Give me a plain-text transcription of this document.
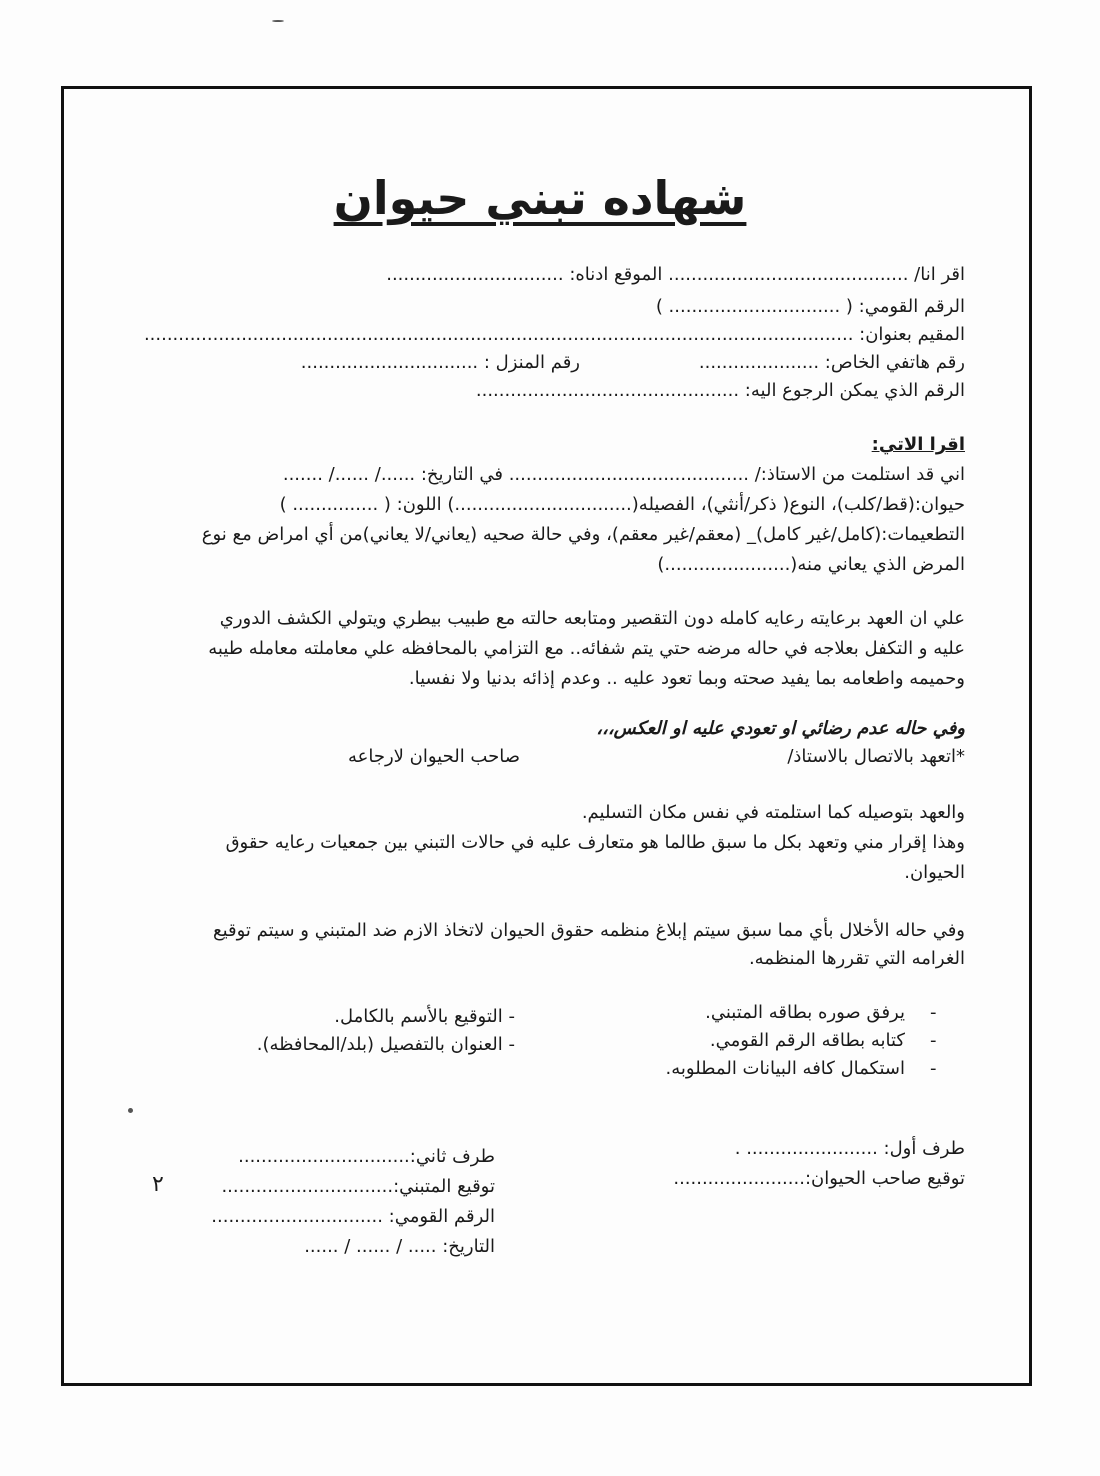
شهاده تبني حيوان

اقر انا/ .......................................... الموقع ادناه: ...............................

الرقم القومي: ( .............................. )

المقيم بعنوان: ............................................................................................................................

رقم هاتفي الخاص: .....................

رقم المنزل : ...............................

الرقم الذي يمكن الرجوع اليه: ..............................................

اقرا الاتي:

اني قد استلمت من الاستاذ:/ .......................................... في التاريخ: ....../ ....../ .......

حيوان:(قط/كلب)، النوع( ذكر/أنثي)، الفصيله(...............................) اللون: ( ............... )

التطعيمات:(كامل/غير كامل)_ (معقم/غير معقم)، وفي حالة صحيه (يعاني/لا يعاني)من أي امراض مع نوع

المرض الذي يعاني منه(......................)

علي ان العهد برعايته رعايه كامله دون التقصير ومتابعه حالته مع طبيب بيطري ويتولي الكشف الدوري

عليه و التكفل بعلاجه في حاله مرضه حتي يتم شفائه.. مع التزامي بالمحافظه علي معاملته معامله طيبه

وحميمه واطعامه بما يفيد صحته وبما تعود عليه .. وعدم إذائه بدنيا ولا نفسيا.

وفي حاله عدم رضائي او تعودي عليه او العكس،،،

*اتعهد بالاتصال بالاستاذ/

صاحب الحيوان لارجاعه

والعهد بتوصيله كما استلمته في نفس مكان التسليم.

وهذا إقرار مني وتعهد بكل ما سبق طالما هو متعارف عليه في حالات التبني بين جمعيات رعايه حقوق

الحيوان.

وفي حاله الأخلال بأي مما سبق سيتم إبلاغ منظمه حقوق الحيوان لاتخاذ الازم ضد المتبني و سيتم توقيع

الغرامه التي تقررها المنظمه.

-

يرفق صوره بطاقه المتبني.

-

كتابه بطاقه الرقم القومي.

-

استكمال كافه البيانات المطلوبه.

- التوقيع بالأسم بالكامل.

- العنوان بالتفصيل (بلد/المحافظه).

طرف أول: ....................... .

توقيع صاحب الحيوان:.......................

طرف ثاني:..............................

توقيع المتبني:..............................

الرقم القومي: ..............................

التاريخ: ..... / ...... / ......

٢
